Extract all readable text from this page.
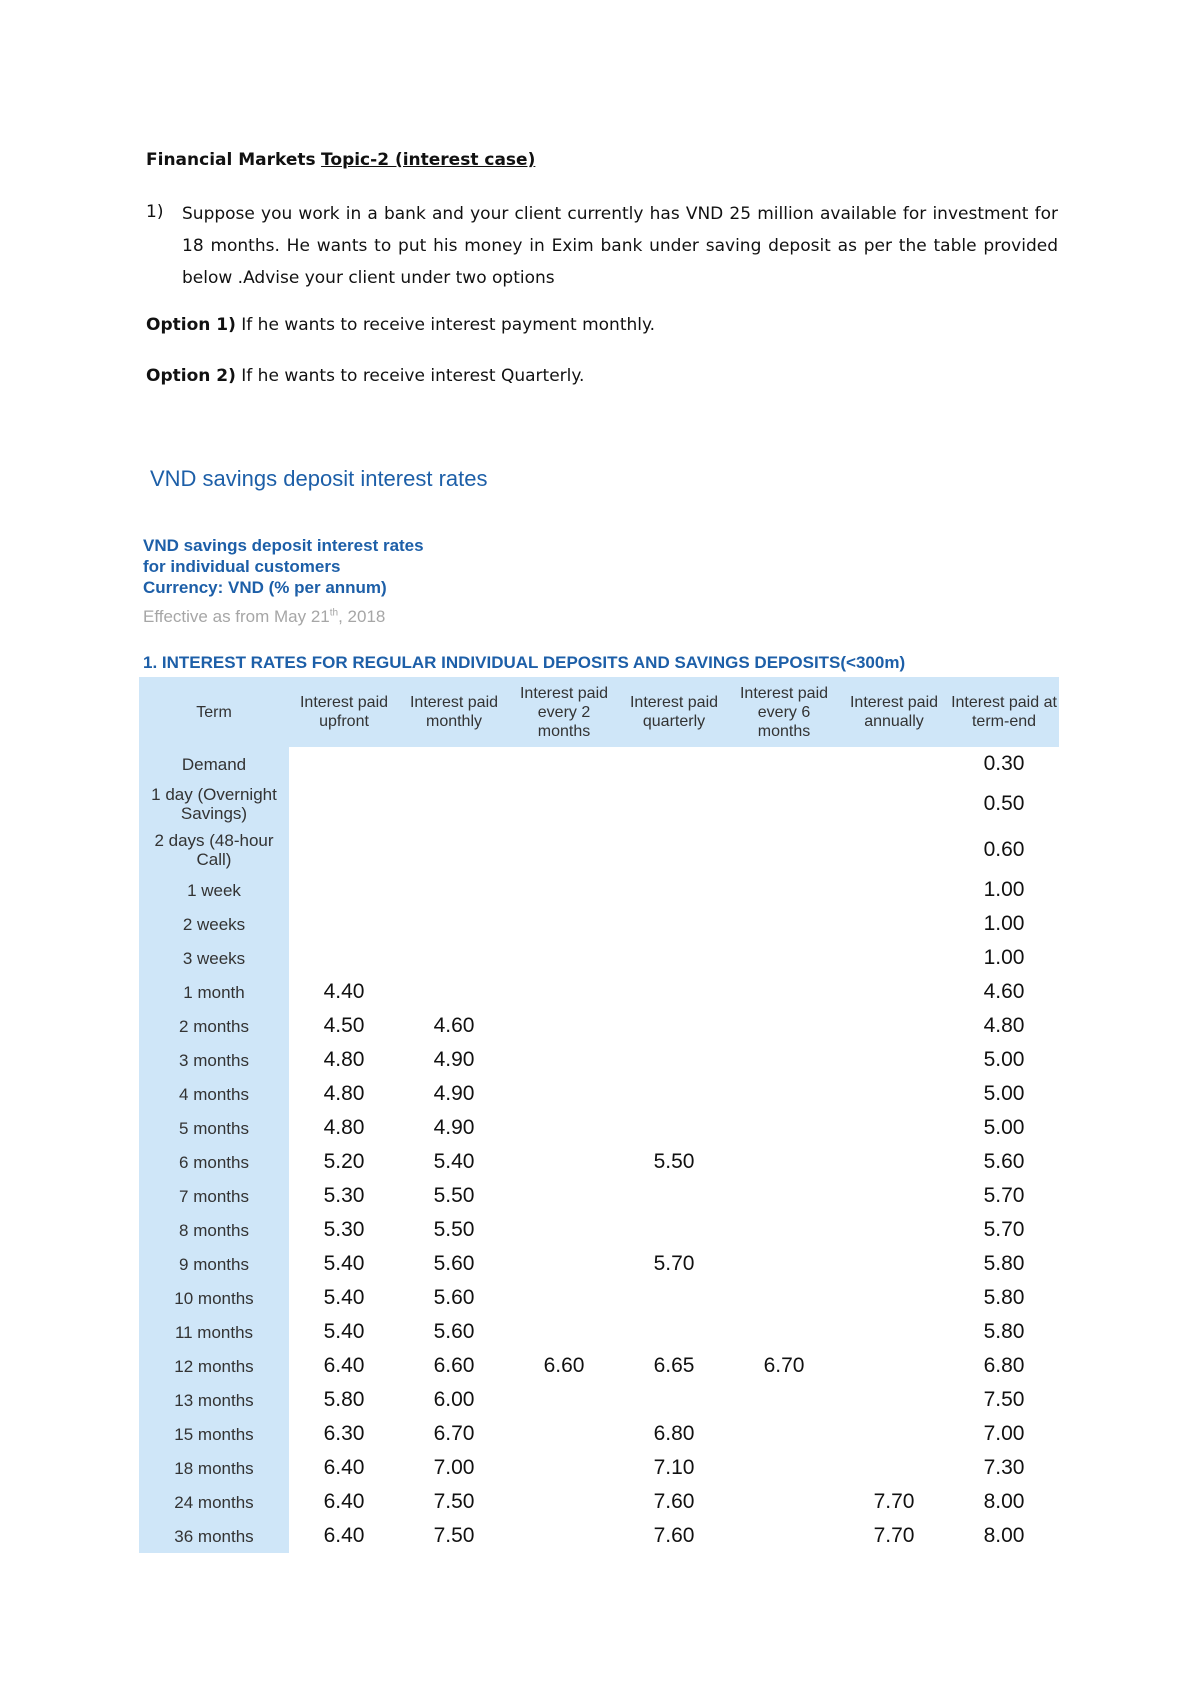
Financial Markets Topic-2 (interest case)
1) Suppose you work in a bank and your client currently has VND 25 million available for investment for 18 months. He wants to put his money in Exim bank under saving deposit as per the table provided below .Advise your client under two options
Option 1) If he wants to receive interest payment monthly.
Option 2) If he wants to receive interest Quarterly.
VND savings deposit interest rates
VND savings deposit interest rates
for individual customers
Currency: VND (% per annum)
Effective as from May 21th, 2018
1. INTEREST RATES FOR REGULAR INDIVIDUAL DEPOSITS AND SAVINGS DEPOSITS(<300m)
Term	Interest paid upfront	Interest paid monthly	Interest paid every 2 months	Interest paid quarterly	Interest paid every 6 months	Interest paid annually	Interest paid at term-end
Demand							0.30
1 day (Overnight Savings)							0.50
2 days (48-hour Call)							0.60
1 week							1.00
2 weeks							1.00
3 weeks							1.00
1 month	4.40						4.60
2 months	4.50	4.60					4.80
3 months	4.80	4.90					5.00
4 months	4.80	4.90					5.00
5 months	4.80	4.90					5.00
6 months	5.20	5.40		5.50			5.60
7 months	5.30	5.50					5.70
8 months	5.30	5.50					5.70
9 months	5.40	5.60		5.70			5.80
10 months	5.40	5.60					5.80
11 months	5.40	5.60					5.80
12 months	6.40	6.60	6.60	6.65	6.70		6.80
13 months	5.80	6.00					7.50
15 months	6.30	6.70		6.80			7.00
18 months	6.40	7.00		7.10			7.30
24 months	6.40	7.50		7.60		7.70	8.00
36 months	6.40	7.50		7.60		7.70	8.00
